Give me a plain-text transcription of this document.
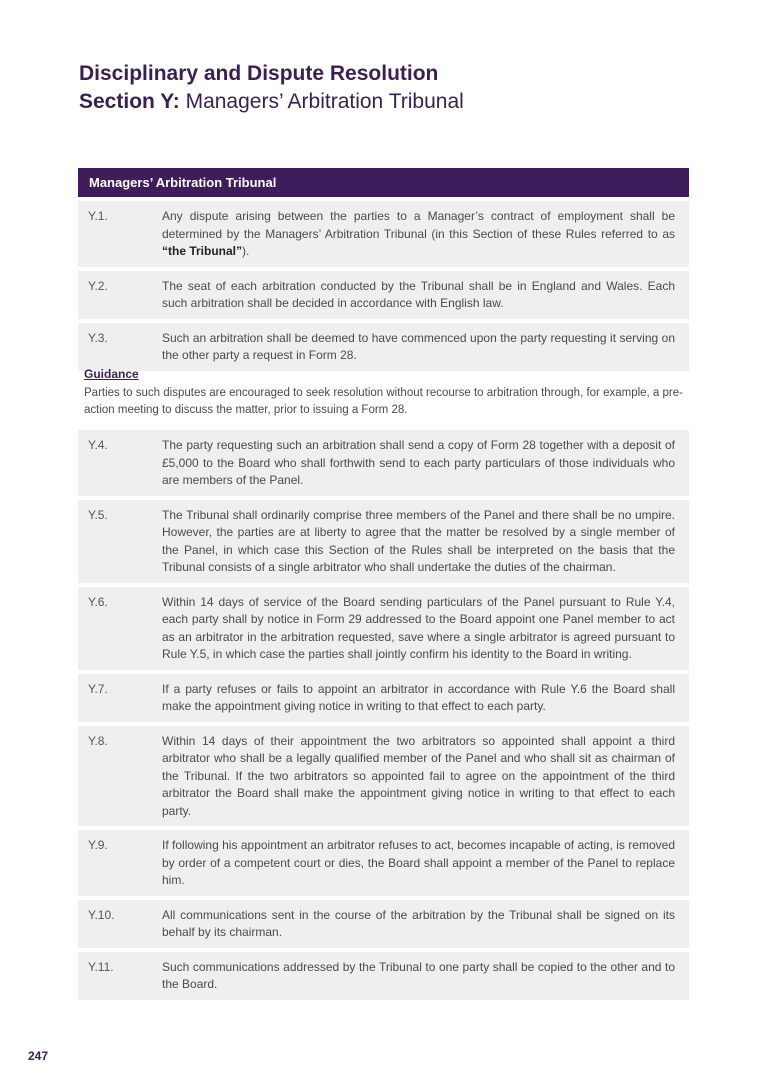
Disciplinary and Dispute Resolution
Section Y: Managers’ Arbitration Tribunal
Managers’ Arbitration Tribunal
Y.1.	Any dispute arising between the parties to a Manager’s contract of employment shall be determined by the Managers’ Arbitration Tribunal (in this Section of these Rules referred to as “the Tribunal”).
Y.2.	The seat of each arbitration conducted by the Tribunal shall be in England and Wales. Each such arbitration shall be decided in accordance with English law.
Y.3.	Such an arbitration shall be deemed to have commenced upon the party requesting it serving on the other party a request in Form 28.
Guidance
Parties to such disputes are encouraged to seek resolution without recourse to arbitration through, for example, a pre-action meeting to discuss the matter, prior to issuing a Form 28.
Y.4.	The party requesting such an arbitration shall send a copy of Form 28 together with a deposit of £5,000 to the Board who shall forthwith send to each party particulars of those individuals who are members of the Panel.
Y.5.	The Tribunal shall ordinarily comprise three members of the Panel and there shall be no umpire. However, the parties are at liberty to agree that the matter be resolved by a single member of the Panel, in which case this Section of the Rules shall be interpreted on the basis that the Tribunal consists of a single arbitrator who shall undertake the duties of the chairman.
Y.6.	Within 14 days of service of the Board sending particulars of the Panel pursuant to Rule Y.4, each party shall by notice in Form 29 addressed to the Board appoint one Panel member to act as an arbitrator in the arbitration requested, save where a single arbitrator is agreed pursuant to Rule Y.5, in which case the parties shall jointly confirm his identity to the Board in writing.
Y.7.	If a party refuses or fails to appoint an arbitrator in accordance with Rule Y.6 the Board shall make the appointment giving notice in writing to that effect to each party.
Y.8.	Within 14 days of their appointment the two arbitrators so appointed shall appoint a third arbitrator who shall be a legally qualified member of the Panel and who shall sit as chairman of the Tribunal. If the two arbitrators so appointed fail to agree on the appointment of the third arbitrator the Board shall make the appointment giving notice in writing to that effect to each party.
Y.9.	If following his appointment an arbitrator refuses to act, becomes incapable of acting, is removed by order of a competent court or dies, the Board shall appoint a member of the Panel to replace him.
Y.10.	All communications sent in the course of the arbitration by the Tribunal shall be signed on its behalf by its chairman.
Y.11.	Such communications addressed by the Tribunal to one party shall be copied to the other and to the Board.
247
